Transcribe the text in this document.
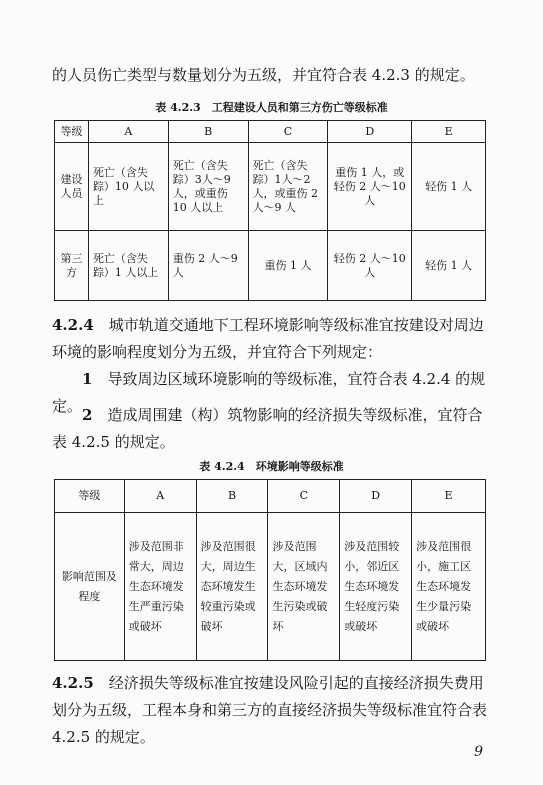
的人员伤亡类型与数量划分为五级，并宜符合表 4.2.3 的规定。

表 4.2.3　工程建设人员和第三方伤亡等级标准
等级	A	B	C	D	E
建设人员	死亡（含失踪）10 人以上	死亡（含失踪）3人～9人，或重伤 10 人以上	死亡（含失踪）1人～2人，或重伤 2 人～9 人	重伤 1 人，或轻伤 2 人～10 人	轻伤 1 人
第三方	死亡（含失踪）1 人以上	重伤 2 人～9 人	重伤 1 人	轻伤 2 人～10 人	轻伤 1 人

4.2.4　 城市轨道交通地下工程环境影响等级标准宜按建设对周边环境的影响程度划分为五级，并宜符合下列规定：

1　 导致周边区域环境影响的等级标准，宜符合表 4.2.4 的规定。 2　 造成周围建（构）筑物影响的经济损失等级标准，宜符合表 4.2.5 的规定。

表 4.2.4　环境影响等级标准
等级	A	B	C	D	E
影响范围及程度	涉及范围非常大，周边生态环境发生严重污染或破坏	涉及范围很大，周边生态环境发生较重污染或破坏	涉及范围大，区域内生态环境发生污染或破坏	涉及范围较小，邻近区生态环境发生轻度污染或破坏	涉及范围很小，施工区生态环境发生少量污染或破坏

4.2.5　 经济损失等级标准宜按建设风险引起的直接经济损失费用划分为五级，工程本身和第三方的直接经济损失等级标准宜符合表 4.2.5 的规定。

9
